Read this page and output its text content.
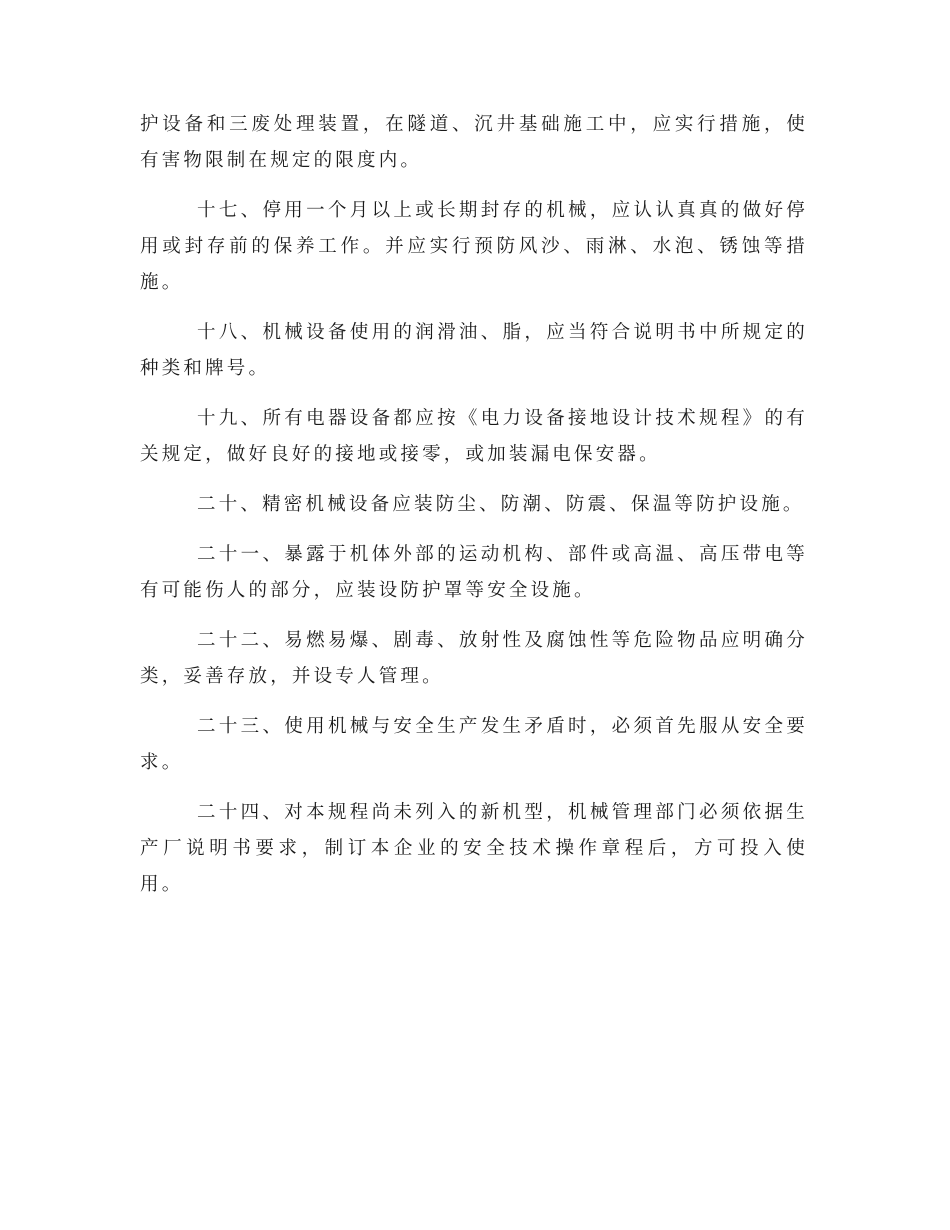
护设备和三废处理装置，在隧道、沉井基础施工中，应实行措施，使有害物限制在规定的限度内。

十七、停用一个月以上或长期封存的机械，应认认真真的做好停用或封存前的保养工作。并应实行预防风沙、雨淋、水泡、锈蚀等措施。

十八、机械设备使用的润滑油、脂，应当符合说明书中所规定的种类和牌号。

十九、所有电器设备都应按《电力设备接地设计技术规程》的有关规定，做好良好的接地或接零，或加装漏电保安器。

二十、精密机械设备应装防尘、防潮、防震、保温等防护设施。

二十一、暴露于机体外部的运动机构、部件或高温、高压带电等有可能伤人的部分，应装设防护罩等安全设施。

二十二、易燃易爆、剧毒、放射性及腐蚀性等危险物品应明确分类，妥善存放，并设专人管理。

二十三、使用机械与安全生产发生矛盾时，必须首先服从安全要求。

二十四、对本规程尚未列入的新机型，机械管理部门必须依据生产厂说明书要求，制订本企业的安全技术操作章程后，方可投入使用。
